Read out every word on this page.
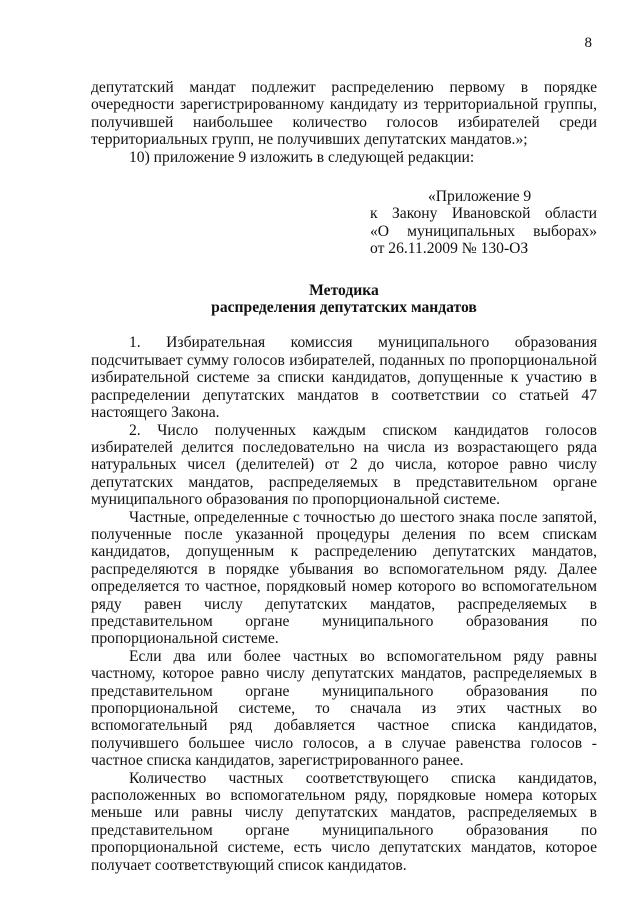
8

депутатский мандат подлежит распределению первому в порядке очередности зарегистрированному кандидату из территориальной группы, получившей наибольшее количество голосов избирателей среди территориальных групп, не получивших депутатских мандатов.»;

10) приложение 9 изложить в следующей редакции:

«Приложение 9
к Закону Ивановской области
«О муниципальных выборах»
от 26.11.2009 № 130-ОЗ
Методика
распределения депутатских мандатов

1. Избирательная комиссия муниципального образования подсчитывает сумму голосов избирателей, поданных по пропорциональной избирательной системе за списки кандидатов, допущенные к участию в распределении депутатских мандатов в соответствии со статьей 47 настоящего Закона.

2. Число полученных каждым списком кандидатов голосов избирателей делится последовательно на числа из возрастающего ряда натуральных чисел (делителей) от 2 до числа, которое равно числу депутатских мандатов, распределяемых в представительном органе муниципального образования по пропорциональной системе.

Частные, определенные с точностью до шестого знака после запятой, полученные после указанной процедуры деления по всем спискам кандидатов, допущенным к распределению депутатских мандатов, распределяются в порядке убывания во вспомогательном ряду. Далее определяется то частное, порядковый номер которого во вспомогательном ряду равен числу депутатских мандатов, распределяемых в представительном органе муниципального образования по пропорциональной системе.

Если два или более частных во вспомогательном ряду равны частному, которое равно числу депутатских мандатов, распределяемых в представительном органе муниципального образования по пропорциональной системе, то сначала из этих частных во вспомогательный ряд добавляется частное списка кандидатов, получившего большее число голосов, а в случае равенства голосов - частное списка кандидатов, зарегистрированного ранее.

Количество частных соответствующего списка кандидатов, расположенных во вспомогательном ряду, порядковые номера которых меньше или равны числу депутатских мандатов, распределяемых в представительном органе муниципального образования по пропорциональной системе, есть число депутатских мандатов, которое получает соответствующий список кандидатов.
